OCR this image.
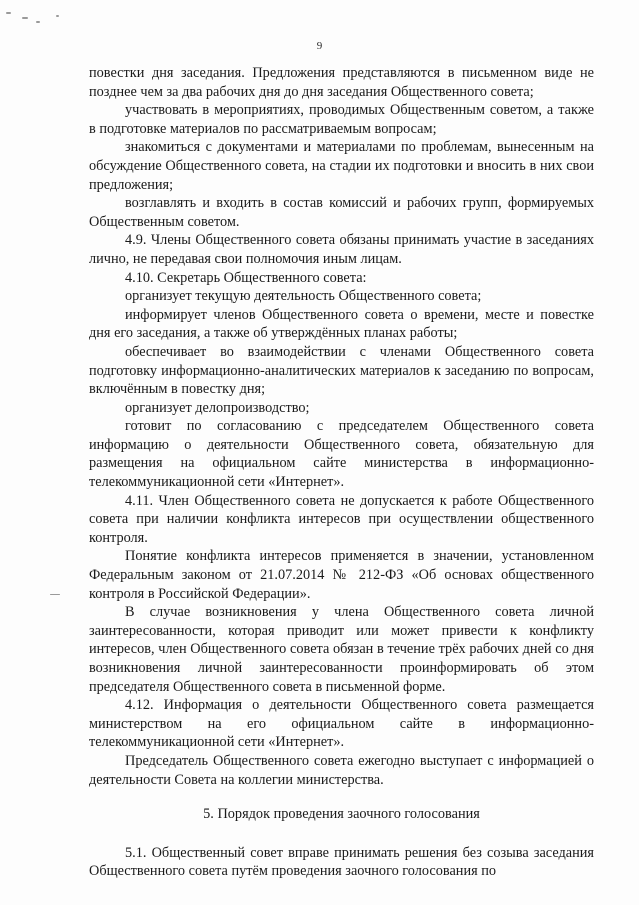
9

повестки дня заседания. Предложения представляются в письменном виде не позднее чем за два рабочих дня до дня заседания Общественного совета;

участвовать в мероприятиях, проводимых Общественным советом, а также в подготовке материалов по рассматриваемым вопросам;

знакомиться с документами и материалами по проблемам, вынесенным на обсуждение Общественного совета, на стадии их подготовки и вносить в них свои предложения;

возглавлять и входить в состав комиссий и рабочих групп, формируемых Общественным советом.

4.9. Члены Общественного совета обязаны принимать участие в заседаниях лично, не передавая свои полномочия иным лицам.

4.10. Секретарь Общественного совета:

организует текущую деятельность Общественного совета;

информирует членов Общественного совета о времени, месте и повестке дня его заседания, а также об утверждённых планах работы;

обеспечивает во взаимодействии с членами Общественного совета подготовку информационно-аналитических материалов к заседанию по вопросам, включённым в повестку дня;

организует делопроизводство;

готовит по согласованию с председателем Общественного совета информацию о деятельности Общественного совета, обязательную для размещения на официальном сайте министерства в информационно-телекоммуникационной сети «Интернет».

4.11. Член Общественного совета не допускается к работе Общественного совета при наличии конфликта интересов при осуществлении общественного контроля.

Понятие конфликта интересов применяется в значении, установленном Федеральным законом от 21.07.2014 № 212-ФЗ «Об основах общественного контроля в Российской Федерации».

В случае возникновения у члена Общественного совета личной заинтересованности, которая приводит или может привести к конфликту интересов, член Общественного совета обязан в течение трёх рабочих дней со дня возникновения личной заинтересованности проинформировать об этом председателя Общественного совета в письменной форме.

4.12. Информация о деятельности Общественного совета размещается министерством на его официальном сайте в информационно-телекоммуникационной сети «Интернет».

Председатель Общественного совета ежегодно выступает с информацией о деятельности Совета на коллегии министерства.

5. Порядок проведения заочного голосования

5.1. Общественный совет вправе принимать решения без созыва заседания Общественного совета путём проведения заочного голосования по
